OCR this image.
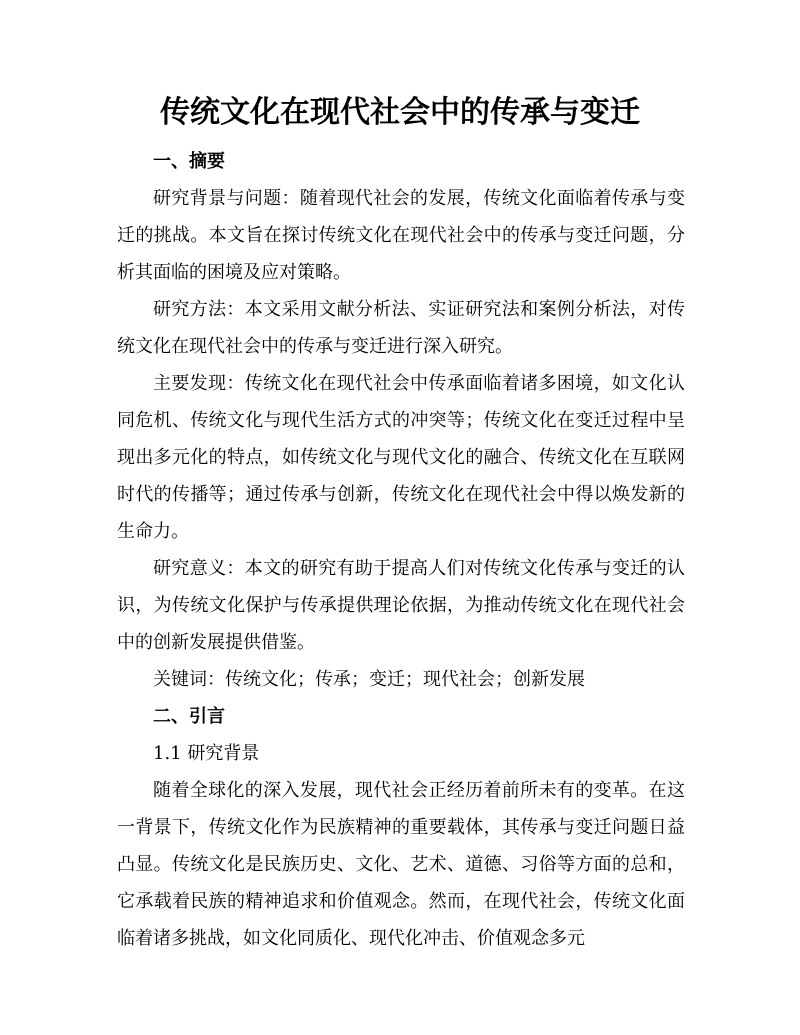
传统文化在现代社会中的传承与变迁
一、摘要

研究背景与问题：随着现代社会的发展，传统文化面临着传承与变迁的挑战。本文旨在探讨传统文化在现代社会中的传承与变迁问题，分析其面临的困境及应对策略。

研究方法：本文采用文献分析法、实证研究法和案例分析法，对传统文化在现代社会中的传承与变迁进行深入研究。

主要发现：传统文化在现代社会中传承面临着诸多困境，如文化认同危机、传统文化与现代生活方式的冲突等；传统文化在变迁过程中呈现出多元化的特点，如传统文化与现代文化的融合、传统文化在互联网时代的传播等；通过传承与创新，传统文化在现代社会中得以焕发新的生命力。

研究意义：本文的研究有助于提高人们对传统文化传承与变迁的认识，为传统文化保护与传承提供理论依据，为推动传统文化在现代社会中的创新发展提供借鉴。

关键词：传统文化；传承；变迁；现代社会；创新发展

二、引言

1.1 研究背景

随着全球化的深入发展，现代社会正经历着前所未有的变革。在这一背景下，传统文化作为民族精神的重要载体，其传承与变迁问题日益凸显。传统文化是民族历史、文化、艺术、道德、习俗等方面的总和，它承载着民族的精神追求和价值观念。然而，在现代社会，传统文化面临着诸多挑战，如文化同质化、现代化冲击、价值观念多元
